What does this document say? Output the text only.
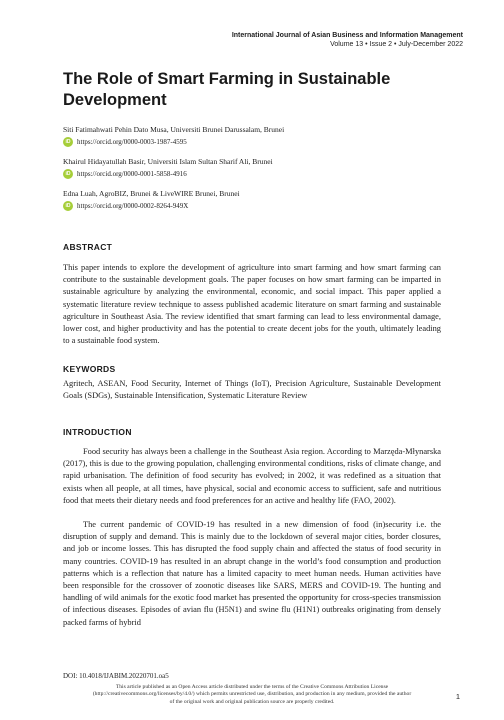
International Journal of Asian Business and Information Management
Volume 13 • Issue 2 • July-December 2022
The Role of Smart Farming in Sustainable Development
Siti Fatimahwati Pehin Dato Musa, Universiti Brunei Darussalam, Brunei
iD https://orcid.org/0000-0003-1987-4595
Khairul Hidayatullah Basir, Universiti Islam Sultan Sharif Ali, Brunei
iD https://orcid.org/0000-0001-5858-4916
Edna Luah, AgroBIZ, Brunei & LiveWIRE Brunei, Brunei
iD https://orcid.org/0000-0002-8264-949X
ABSTRACT
This paper intends to explore the development of agriculture into smart farming and how smart farming can contribute to the sustainable development goals. The paper focuses on how smart farming can be imparted in sustainable agriculture by analyzing the environmental, economic, and social impact. This paper applied a systematic literature review technique to assess published academic literature on smart farming and sustainable agriculture in Southeast Asia. The review identified that smart farming can lead to less environmental damage, lower cost, and higher productivity and has the potential to create decent jobs for the youth, ultimately leading to a sustainable food system.
KEYWORDS
Agritech, ASEAN, Food Security, Internet of Things (IoT), Precision Agriculture, Sustainable Development Goals (SDGs), Sustainable Intensification, Systematic Literature Review
INTRODUCTION
Food security has always been a challenge in the Southeast Asia region. According to Marzęda-Młynarska (2017), this is due to the growing population, challenging environmental conditions, risks of climate change, and rapid urbanisation. The definition of food security has evolved; in 2002, it was redefined as a situation that exists when all people, at all times, have physical, social and economic access to sufficient, safe and nutritious food that meets their dietary needs and food preferences for an active and healthy life (FAO, 2002).
The current pandemic of COVID-19 has resulted in a new dimension of food (in)security i.e. the disruption of supply and demand. This is mainly due to the lockdown of several major cities, border closures, and job or income losses. This has disrupted the food supply chain and affected the status of food security in many countries. COVID-19 has resulted in an abrupt change in the world’s food consumption and production patterns which is a reflection that nature has a limited capacity to meet human needs. Human activities have been responsible for the crossover of zoonotic diseases like SARS, MERS and COVID-19. The hunting and handling of wild animals for the exotic food market has presented the opportunity for cross-species transmission of infectious diseases. Episodes of avian flu (H5N1) and swine flu (H1N1) outbreaks originating from densely packed farms of hybrid
DOI: 10.4018/IJABIM.20220701.oa5
This article published as an Open Access article distributed under the terms of the Creative Commons Attribution License (http://creativecommons.org/licenses/by/4.0/) which permits unrestricted use, distribution, and production in any medium, provided the author of the original work and original publication source are properly credited.
1
